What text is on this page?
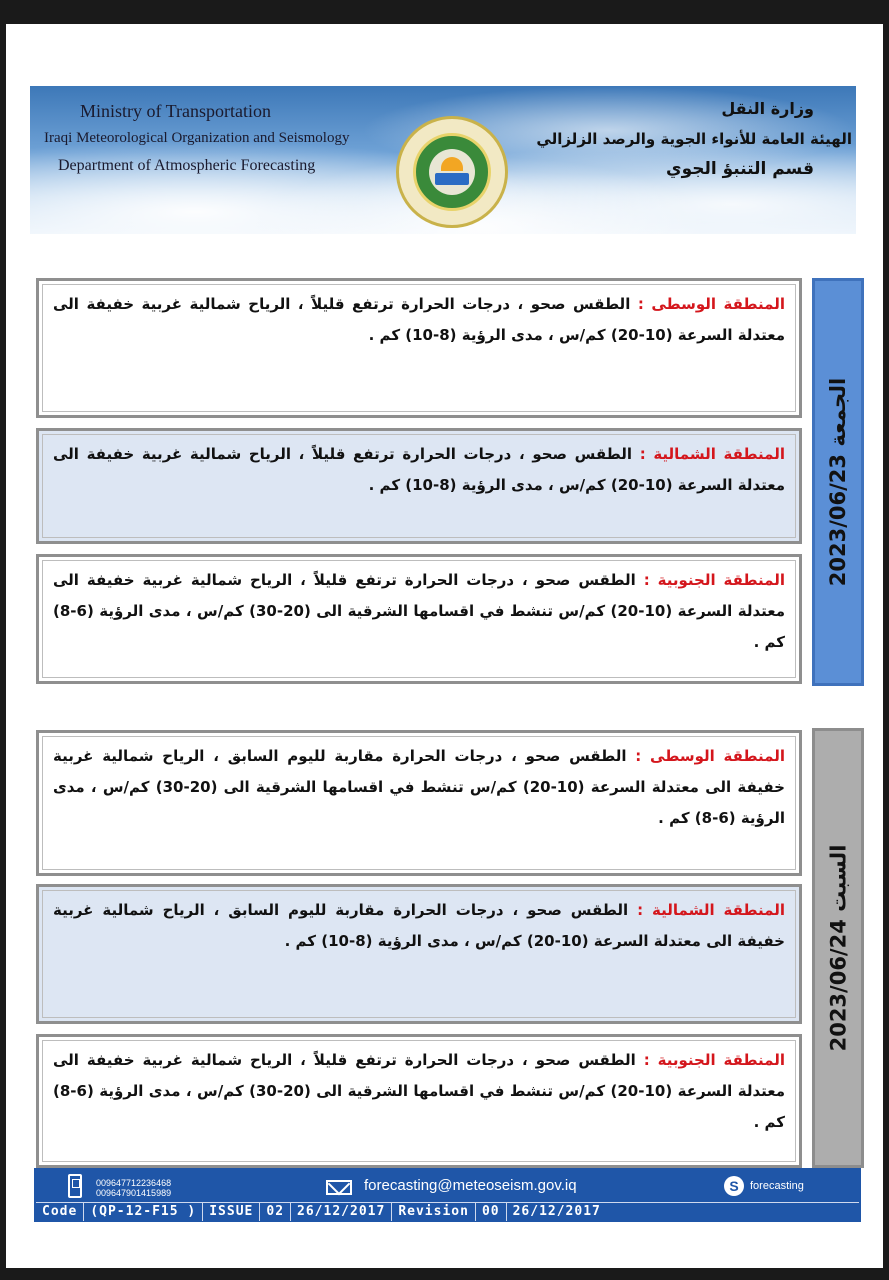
Ministry of Transportation
Iraqi Meteorological Organization and Seismology
Department of Atmospheric Forecasting
وزارة النقل
الهيئة العامة للأنواء الجوية والرصد الزلزالي
قسم التنبؤ الجوي
المنطقة الوسطى : الطقس صحو ، درجات الحرارة ترتفع قليلاً ، الرياح شمالية غربية خفيفة الى معتدلة السرعة (10-20) كم/س ، مدى الرؤية (8-10) كم .
المنطقة الشمالية : الطقس صحو ، درجات الحرارة ترتفع قليلاً ، الرياح شمالية غربية خفيفة الى معتدلة السرعة (10-20) كم/س ، مدى الرؤية (8-10) كم .
المنطقة الجنوبية : الطقس صحو ، درجات الحرارة ترتفع قليلاً ، الرياح شمالية غربية خفيفة الى معتدلة السرعة (10-20) كم/س تنشط في اقسامها الشرقية الى (20-30) كم/س ، مدى الرؤية (6-8) كم .
الجمعة 2023/06/23
المنطقة الوسطى : الطقس صحو ، درجات الحرارة مقاربة لليوم السابق ، الرياح شمالية غربية خفيفة الى معتدلة السرعة (10-20) كم/س تنشط في اقسامها الشرقية الى (20-30) كم/س ، مدى الرؤية (6-8) كم .
المنطقة الشمالية : الطقس صحو ، درجات الحرارة مقاربة لليوم السابق ، الرياح شمالية غربية خفيفة الى معتدلة السرعة (10-20) كم/س ، مدى الرؤية (8-10) كم .
المنطقة الجنوبية : الطقس صحو ، درجات الحرارة ترتفع قليلاً ، الرياح شمالية غربية خفيفة الى معتدلة السرعة (10-20) كم/س تنشط في اقسامها الشرقية الى (20-30) كم/س ، مدى الرؤية (6-8) كم .
السبت 2023/06/24
009647712236468
009647901415989	forecasting@meteoseism.gov.iq	S	forecasting
Code	(QP-12-F15 )	ISSUE	02	26/12/2017	Revision	00	26/12/2017
